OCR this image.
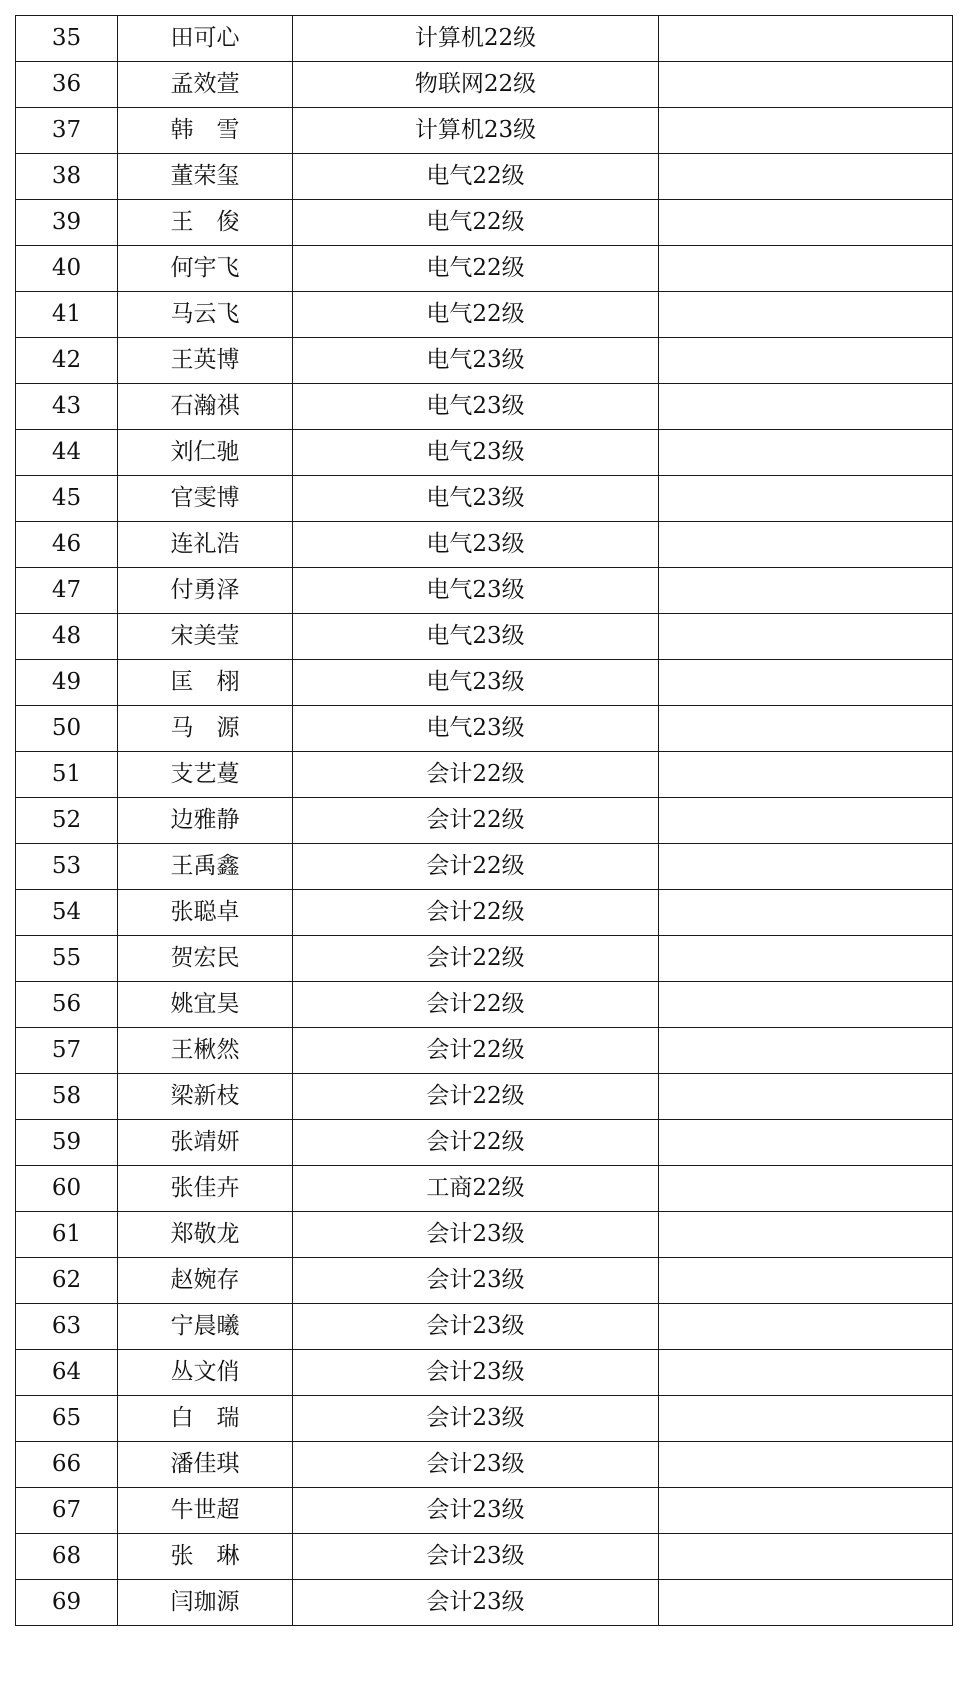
35	田可心	计算机22级	
36	孟效萱	物联网22级	
37	韩　雪	计算机23级	
38	董荣玺	电气22级	
39	王　俊	电气22级	
40	何宇飞	电气22级	
41	马云飞	电气22级	
42	王英博	电气23级	
43	石瀚祺	电气23级	
44	刘仁驰	电气23级	
45	官雯博	电气23级	
46	连礼浩	电气23级	
47	付勇泽	电气23级	
48	宋美莹	电气23级	
49	匡　栩	电气23级	
50	马　源	电气23级	
51	支艺蔓	会计22级	
52	边雅静	会计22级	
53	王禹鑫	会计22级	
54	张聪卓	会计22级	
55	贺宏民	会计22级	
56	姚宜昊	会计22级	
57	王楸然	会计22级	
58	梁新枝	会计22级	
59	张靖妍	会计22级	
60	张佳卉	工商22级	
61	郑敬龙	会计23级	
62	赵婉存	会计23级	
63	宁晨曦	会计23级	
64	丛文俏	会计23级	
65	白　瑞	会计23级	
66	潘佳琪	会计23级	
67	牛世超	会计23级	
68	张　琳	会计23级	
69	闫珈源	会计23级	
